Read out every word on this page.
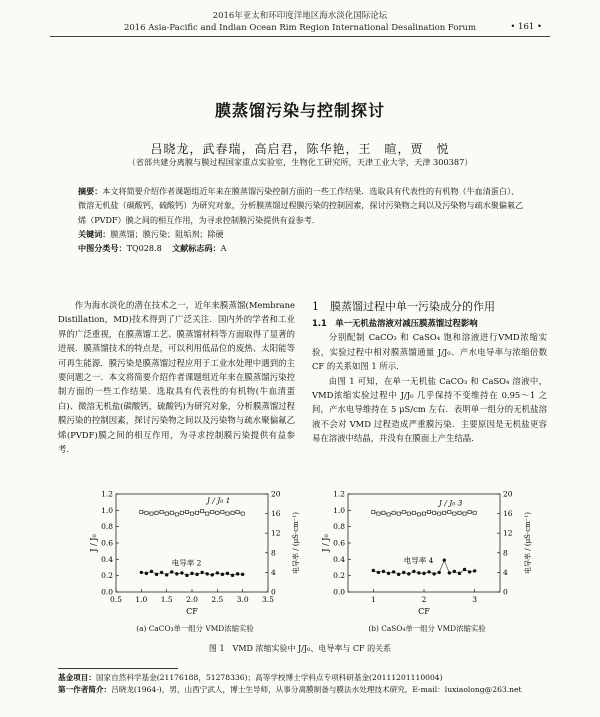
2016年亚太和环印度洋地区海水淡化国际论坛
2016 Asia-Pacific and Indian Ocean Rim Region International Desalination Forum	• 161 •
膜蒸馏污染与控制探讨
吕晓龙，武春瑞，高启君，陈华艳，王　暄，贾　悦
（省部共建分离膜与膜过程国家重点实验室，生物化工研究所，天津工业大学，天津 300387）
摘要：本文将简要介绍作者课题组近年来在膜蒸馏污染控制方面的一些工作结果．选取具有代表性的有机物（牛血清蛋白）、微溶无机盐（碳酸钙，硫酸钙）为研究对象，分析膜蒸馏过程膜污染的控制因素，探讨污染物之间以及污染物与疏水聚偏氟乙烯（PVDF）膜之间的相互作用，为寻求控制膜污染提供有益参考．
关键词：膜蒸馏；膜污染；阻垢剂；除硬
中图分类号：TQ028.8 文献标志码：A

作为海水淡化的潜在技术之一，近年来膜蒸馏(Membrane Distillation，MD)技术得到了广泛关注．国内外的学者和工业界的广泛重视，在膜蒸馏工艺、膜蒸馏材料等方面取得了显著的进展．膜蒸馏技术的特点是，可以利用低品位的废热、太阳能等可再生能源．膜污染是膜蒸馏过程应用于工业水处理中遇到的主要问题之一．本文将简要介绍作者课题组近年来在膜蒸馏污染控制方面的一些工作结果．选取具有代表性的有机物(牛血清蛋白)、微溶无机盐(碳酸钙，硫酸钙)为研究对象，分析膜蒸馏过程膜污染的控制因素，探讨污染物之间以及污染物与疏水聚偏氟乙烯(PVDF)膜之间的相互作用，为寻求控制膜污染提供有益参考．

1　膜蒸馏过程中单一污染成分的作用

1.1　单一无机盐溶液对减压膜蒸馏过程影响

分别配制 CaCO₃ 和 CaSO₄ 饱和溶液进行VMD浓缩实验，实验过程中相对膜蒸馏通量 J/J₀、产水电导率与浓缩倍数 CF 的关系如图 1 所示．

由图 1 可知，在单一无机盐 CaCO₃ 和 CaSO₄ 溶液中，VMD浓缩实验过程中 J/J₀ 几乎保持不变维持在 0.95～1 之间，产水电导维持在 5 μS/cm 左右．表明单一组分的无机盐溶液不会对 VMD 过程造成严重膜污染．主要原因是无机盐更容易在溶液中结晶，并没有在膜面上产生结晶．

0.5 1.0 1.5 2.0 2.5 3.0 3.5
0.0
0.2
0.4
0.6
0.8
1.0
1.2
0
4
8
12
16
20
CF
J / J₀	电导率 / (μS·cm⁻¹)
J / J₀ 1
电导率 2
1	2	3
0.0
0.2
0.4
0.6
0.8
1.0
1.2
0
4
8
12
16
20
CF
J / J₀	电导率 / (μS·cm⁻¹)
J / J₀ 3
电导率 4
(a) CaCO₃单一组分 VMD浓缩实验	(b) CaSO₄单一组分 VMD浓缩实验
图 1　VMD 浓缩实验中 J/J₀、电导率与 CF 的关系
基金项目：国家自然科学基金(21176188，51278336)；高等学校博士学科点专项科研基金(20111201110004)
第一作者简介：吕晓龙(1964-)，男，山西宁武人，博士生导师，从事分离膜制备与膜法水处理技术研究，E-mail：luxiaolong@263.net
